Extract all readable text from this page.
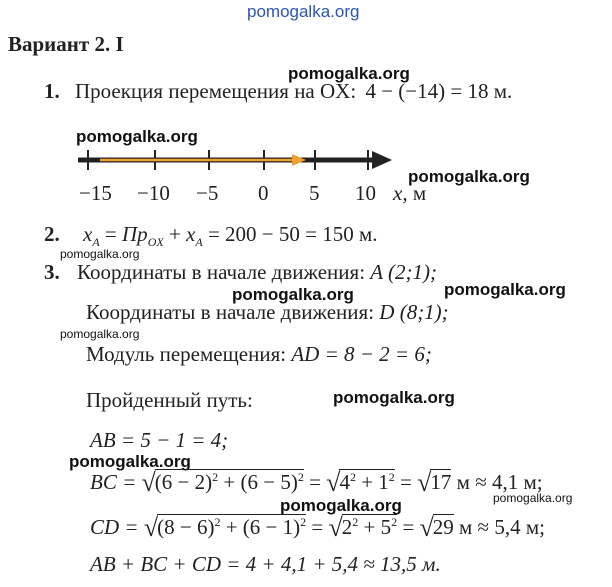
pomogalka.org
pomogalka.org
pomogalka.org
pomogalka.org
pomogalka.org
pomogalka.org	pomogalka.org
pomogalka.org
pomogalka.org
pomogalka.org
pomogalka.org	pomogalka.org
Вариант 2. I
1. Проекция перемещения на OX: 4 − (−14) = 18 м.
−15 −10 −5 0 5 10 x, м
2. $x_A = Пр_{OX} + x_A = 200 - 50 = 150$ м.
3. Координаты в начале движения: A (2;1);
Координаты в начале движения: D (8;1);
Модуль перемещения: AD = 8 − 2 = 6;
Пройденный путь:
AB = 5 − 1 = 4;
BC = $√(6 - 2)^2 + (6 - 5)^2 = √4^2 + 1^2 = √17$ м ≈ 4,1 м;
CD = $√(8 - 6)^2 + (6 - 1)^2 = √2^2 + 5^2 = √29$ м ≈ 5,4 м;
AB + BC + CD = 4 + 4,1 + 5,4 ≈ 13,5 м.
